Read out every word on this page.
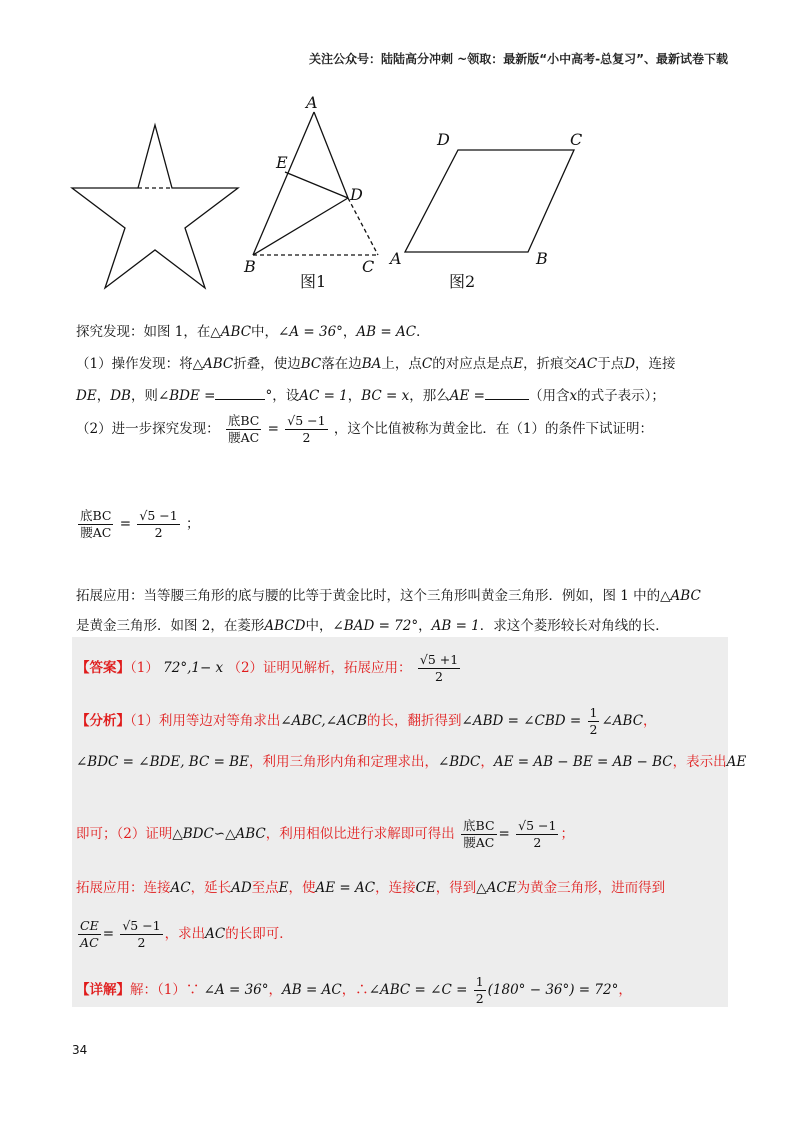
关注公众号：陆陆高分冲刺 ~领取：最新版“小中高考-总复习”、最新试卷下载
A
E
D
B	C
D	C
A	B
图1	图2
探究发现：如图 1，在△ABC中，∠A = 36°，AB = AC．
（1）操作发现：将△ABC折叠，使边BC落在边BA上，点C的对应点是点E，折痕交AC于点D，连接
DE，DB，则∠BDE =	°，设AC = 1，BC = x，那么AE =	（用含x的式子表示）；
（2）进一步探究发现： $\frac{\text{底BC}}{\text{腰AC}} = \frac{√5 -1}{2}$ ，这个比值被称为黄金比．在（1）的条件下试证明：
$\frac{\text{底BC}}{\text{腰AC}} = \frac{√5 -1}{2}$ ；
拓展应用：当等腰三角形的底与腰的比等于黄金比时，这个三角形叫黄金三角形．例如，图 1 中的△ABC
是黄金三角形．如图 2，在菱形ABCD中，∠BAD = 72°，AB = 1．求这个菱形较长对角线的长．
【答案】（1） 72°,1− x （2）证明见解析，拓展应用： $\frac{√5 +1}{2}$
【分析】（1）利用等边对等角求出∠ABC,∠ACB的长，翻折得到∠ABD = ∠CBD = $\frac{1}{2}$ ∠ABC，
∠BDC = ∠BDE, BC = BE，利用三角形内角和定理求出，∠BDC，AE = AB − BE = AB − BC，表示出AE
即可；（2）证明△BDC∽△ABC，利用相似比进行求解即可得出 $\frac{\text{底BC}}{\text{腰AC}} = \frac{√5 -1}{2}$ ；
拓展应用：连接AC，延长AD至点E，使AE = AC，连接CE，得到△ACE为黄金三角形，进而得到
$\frac{CE}{AC} = \frac{√5 -1}{2}$ ，求出AC的长即可．
【详解】解：（1）∵ ∠A = 36°，AB = AC，∴∠ABC = ∠C = $\frac{1}{2} (180^\circ - 36^\circ) = 72^\circ$，
34
